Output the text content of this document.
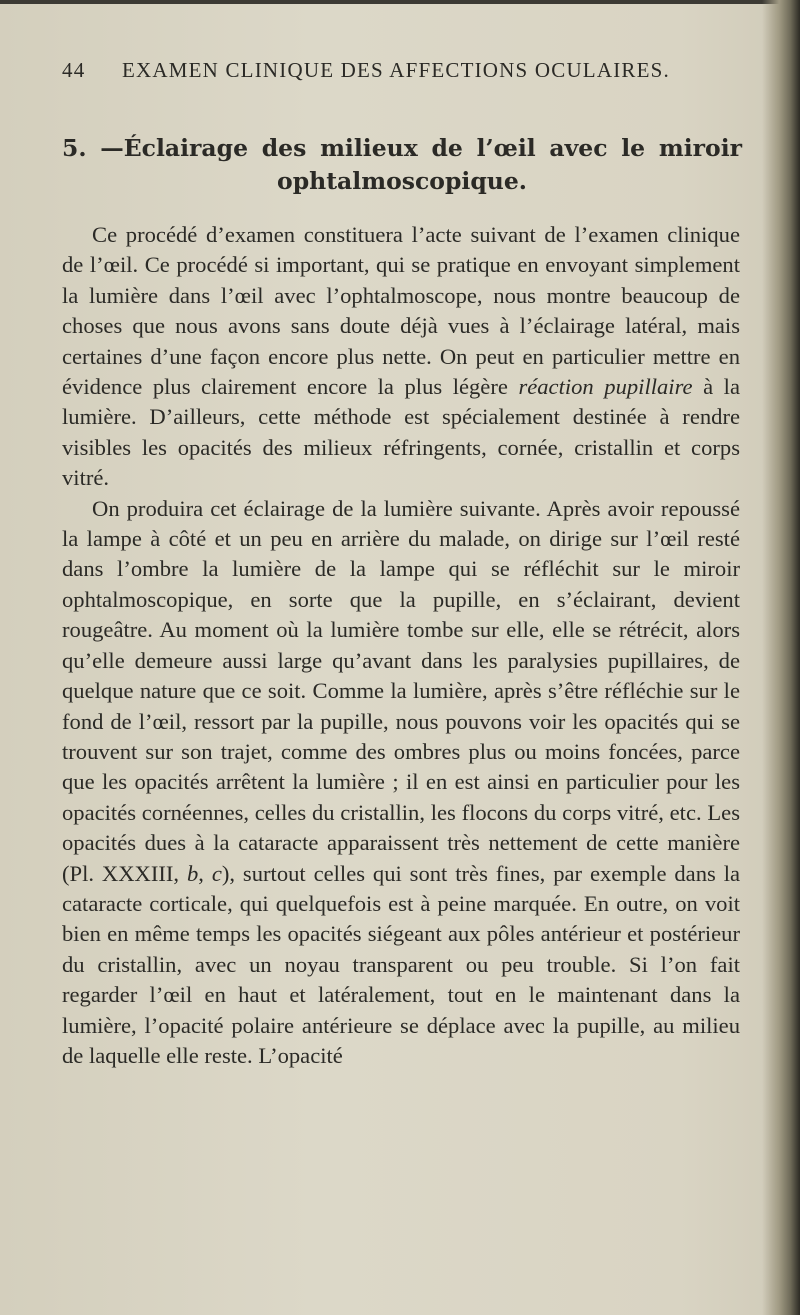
44	EXAMEN CLINIQUE DES AFFECTIONS OCULAIRES.
5. —Éclairage des milieux de l’œil avec le miroir
ophtalmoscopique.

Ce procédé d’examen constituera l’acte suivant de l’examen clinique de l’œil. Ce procédé si important, qui se pratique en envoyant simplement la lumière dans l’œil avec l’ophtalmoscope, nous montre beaucoup de choses que nous avons sans doute déjà vues à l’éclairage latéral, mais certaines d’une façon encore plus nette. On peut en particulier mettre en évidence plus clairement encore la plus légère réaction pupillaire à la lumière. D’ailleurs, cette méthode est spécialement destinée à rendre visibles les opacités des milieux réfringents, cornée, cristallin et corps vitré.

On produira cet éclairage de la lumière suivante. Après avoir repoussé la lampe à côté et un peu en arrière du malade, on dirige sur l’œil resté dans l’ombre la lumière de la lampe qui se réfléchit sur le miroir ophtalmoscopique, en sorte que la pupille, en s’éclairant, devient rougeâtre. Au moment où la lumière tombe sur elle, elle se rétrécit, alors qu’elle demeure aussi large qu’avant dans les paralysies pupillaires, de quelque nature que ce soit. Comme la lumière, après s’être réfléchie sur le fond de l’œil, ressort par la pupille, nous pouvons voir les opacités qui se trouvent sur son trajet, comme des ombres plus ou moins foncées, parce que les opacités arrêtent la lumière ; il en est ainsi en particulier pour les opacités cornéennes, celles du cristallin, les flocons du corps vitré, etc. Les opacités dues à la cataracte apparaissent très nettement de cette manière (Pl. XXXIII, b, c), surtout celles qui sont très fines, par exemple dans la cataracte corticale, qui quelquefois est à peine marquée. En outre, on voit bien en même temps les opacités siégeant aux pôles antérieur et postérieur du cristallin, avec un noyau transparent ou peu trouble. Si l’on fait regarder l’œil en haut et latéralement, tout en le maintenant dans la lumière, l’opacité polaire antérieure se déplace avec la pupille, au milieu de laquelle elle reste. L’opacité
